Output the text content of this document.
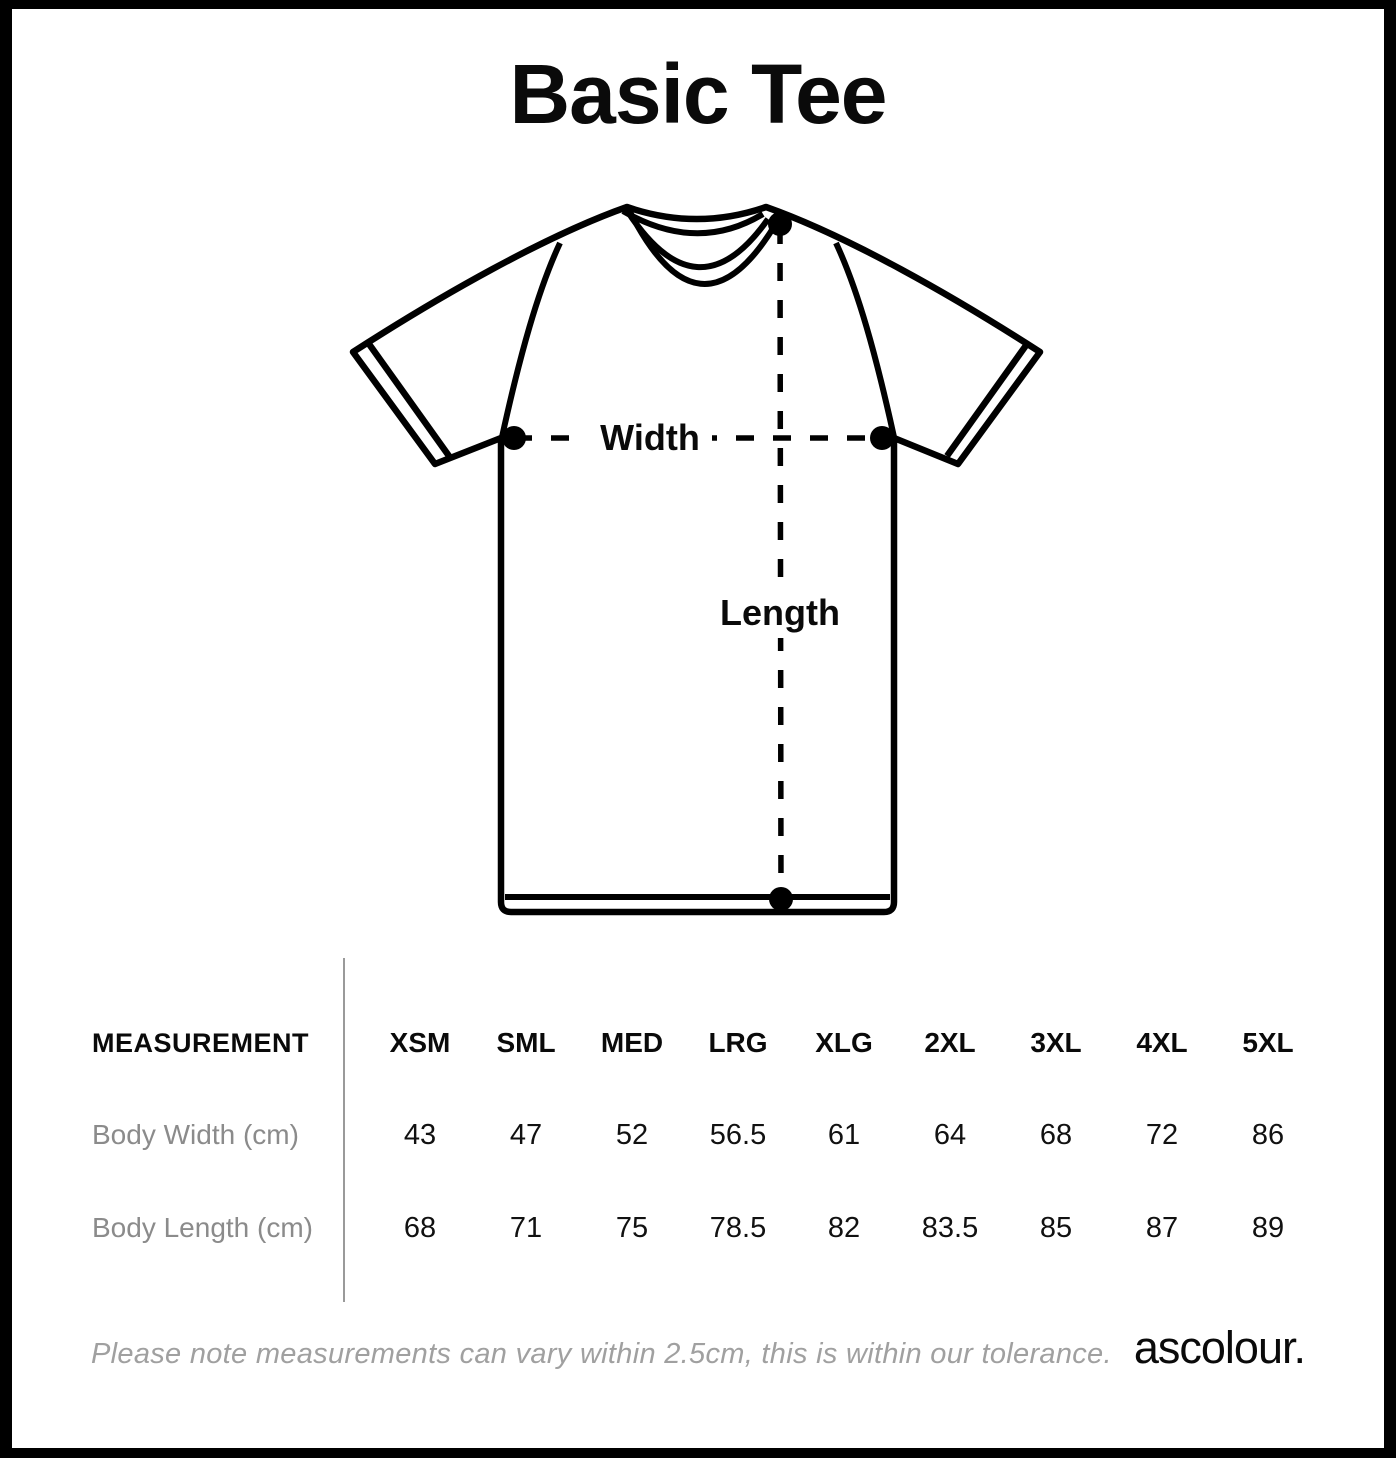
Basic Tee
Width
Length
MEASUREMENT	XSM	SML	MED	LRG	XLG	2XL	3XL	4XL	5XL
Body Width (cm)	43	47	52	56.5	61	64	68	72	86
Body Length (cm)	68	71	75	78.5	82	83.5	85	87	89
Please note measurements can vary within 2.5cm, this is within our tolerance. ascolour.
